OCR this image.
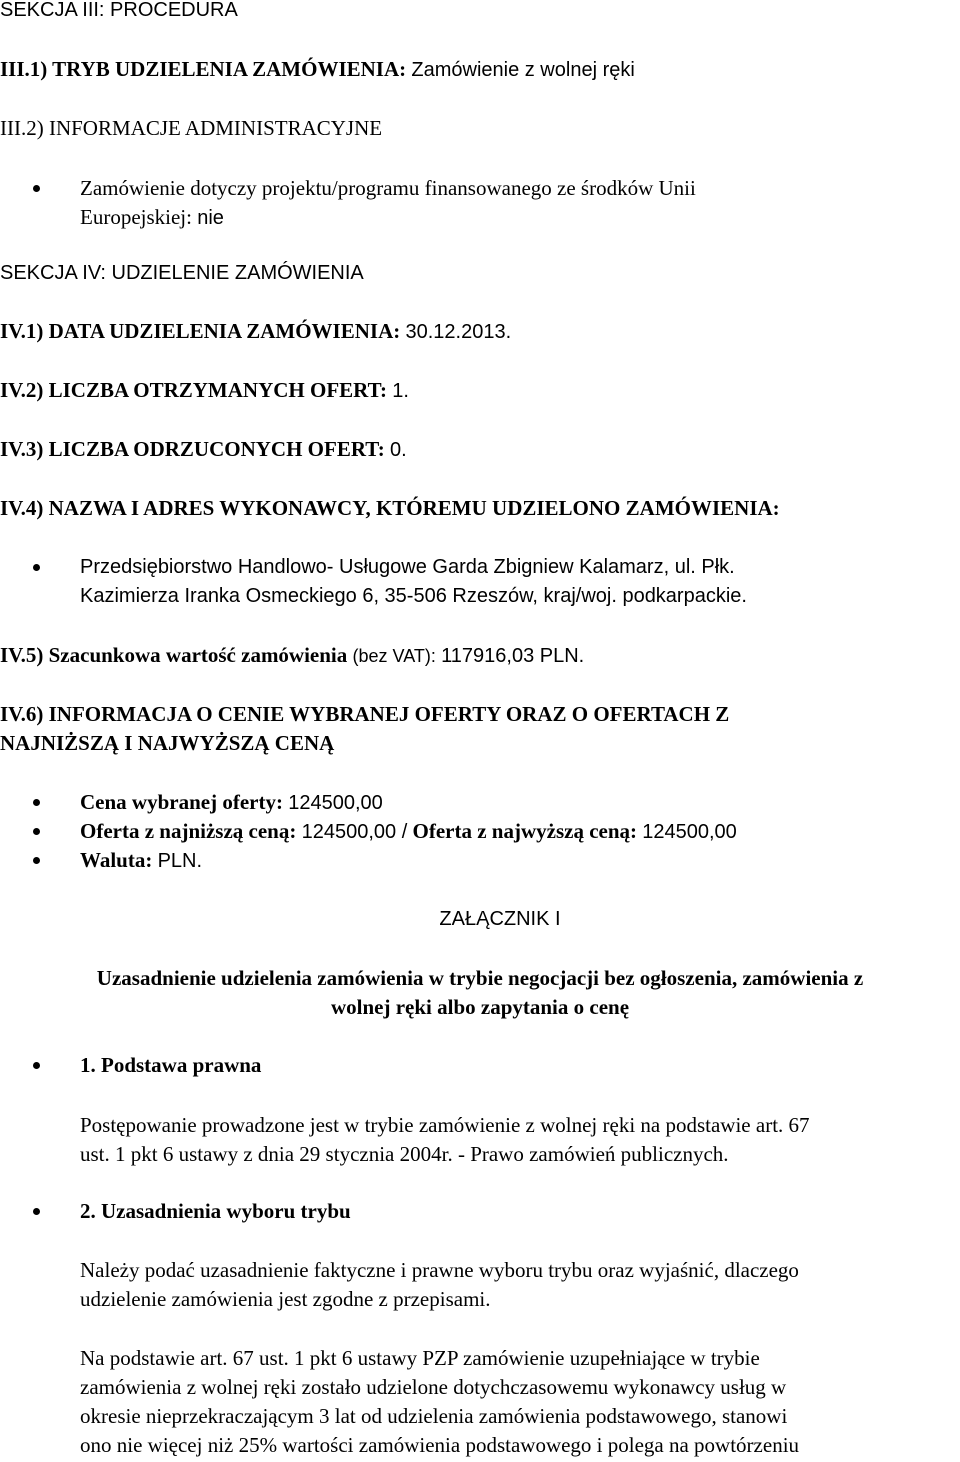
SEKCJA III: PROCEDURA
III.1) TRYB UDZIELENIA ZAMÓWIENIA: Zamówienie z wolnej ręki
III.2) INFORMACJE ADMINISTRACYJNE
Zamówienie dotyczy projektu/programu finansowanego ze środków Unii
Europejskiej: nie
SEKCJA IV: UDZIELENIE ZAMÓWIENIA
IV.1) DATA UDZIELENIA ZAMÓWIENIA: 30.12.2013.
IV.2) LICZBA OTRZYMANYCH OFERT: 1.
IV.3) LICZBA ODRZUCONYCH OFERT: 0.
IV.4) NAZWA I ADRES WYKONAWCY, KTÓREMU UDZIELONO ZAMÓWIENIA:
Przedsiębiorstwo Handlowo- Usługowe Garda Zbigniew Kalamarz, ul. Płk.
Kazimierza Iranka Osmeckiego 6, 35-506 Rzeszów, kraj/woj. podkarpackie.
IV.5) Szacunkowa wartość zamówienia (bez VAT): 117916,03 PLN.
IV.6) INFORMACJA O CENIE WYBRANEJ OFERTY ORAZ O OFERTACH Z
NAJNIŻSZĄ I NAJWYŻSZĄ CENĄ
Cena wybranej oferty: 124500,00
Oferta z najniższą ceną: 124500,00 / Oferta z najwyższą ceną: 124500,00
Waluta: PLN.
ZAŁĄCZNIK I
Uzasadnienie udzielenia zamówienia w trybie negocjacji bez ogłoszenia, zamówienia z
wolnej ręki albo zapytania o cenę
1. Podstawa prawna
Postępowanie prowadzone jest w trybie zamówienie z wolnej ręki na podstawie art. 67
ust. 1 pkt 6 ustawy z dnia 29 stycznia 2004r. - Prawo zamówień publicznych.
2. Uzasadnienia wyboru trybu
Należy podać uzasadnienie faktyczne i prawne wyboru trybu oraz wyjaśnić, dlaczego
udzielenie zamówienia jest zgodne z przepisami.
Na podstawie art. 67 ust. 1 pkt 6 ustawy PZP zamówienie uzupełniające w trybie
zamówienia z wolnej ręki zostało udzielone dotychczasowemu wykonawcy usług w
okresie nieprzekraczającym 3 lat od udzielenia zamówienia podstawowego, stanowi
ono nie więcej niż 25% wartości zamówienia podstawowego i polega na powtórzeniu
